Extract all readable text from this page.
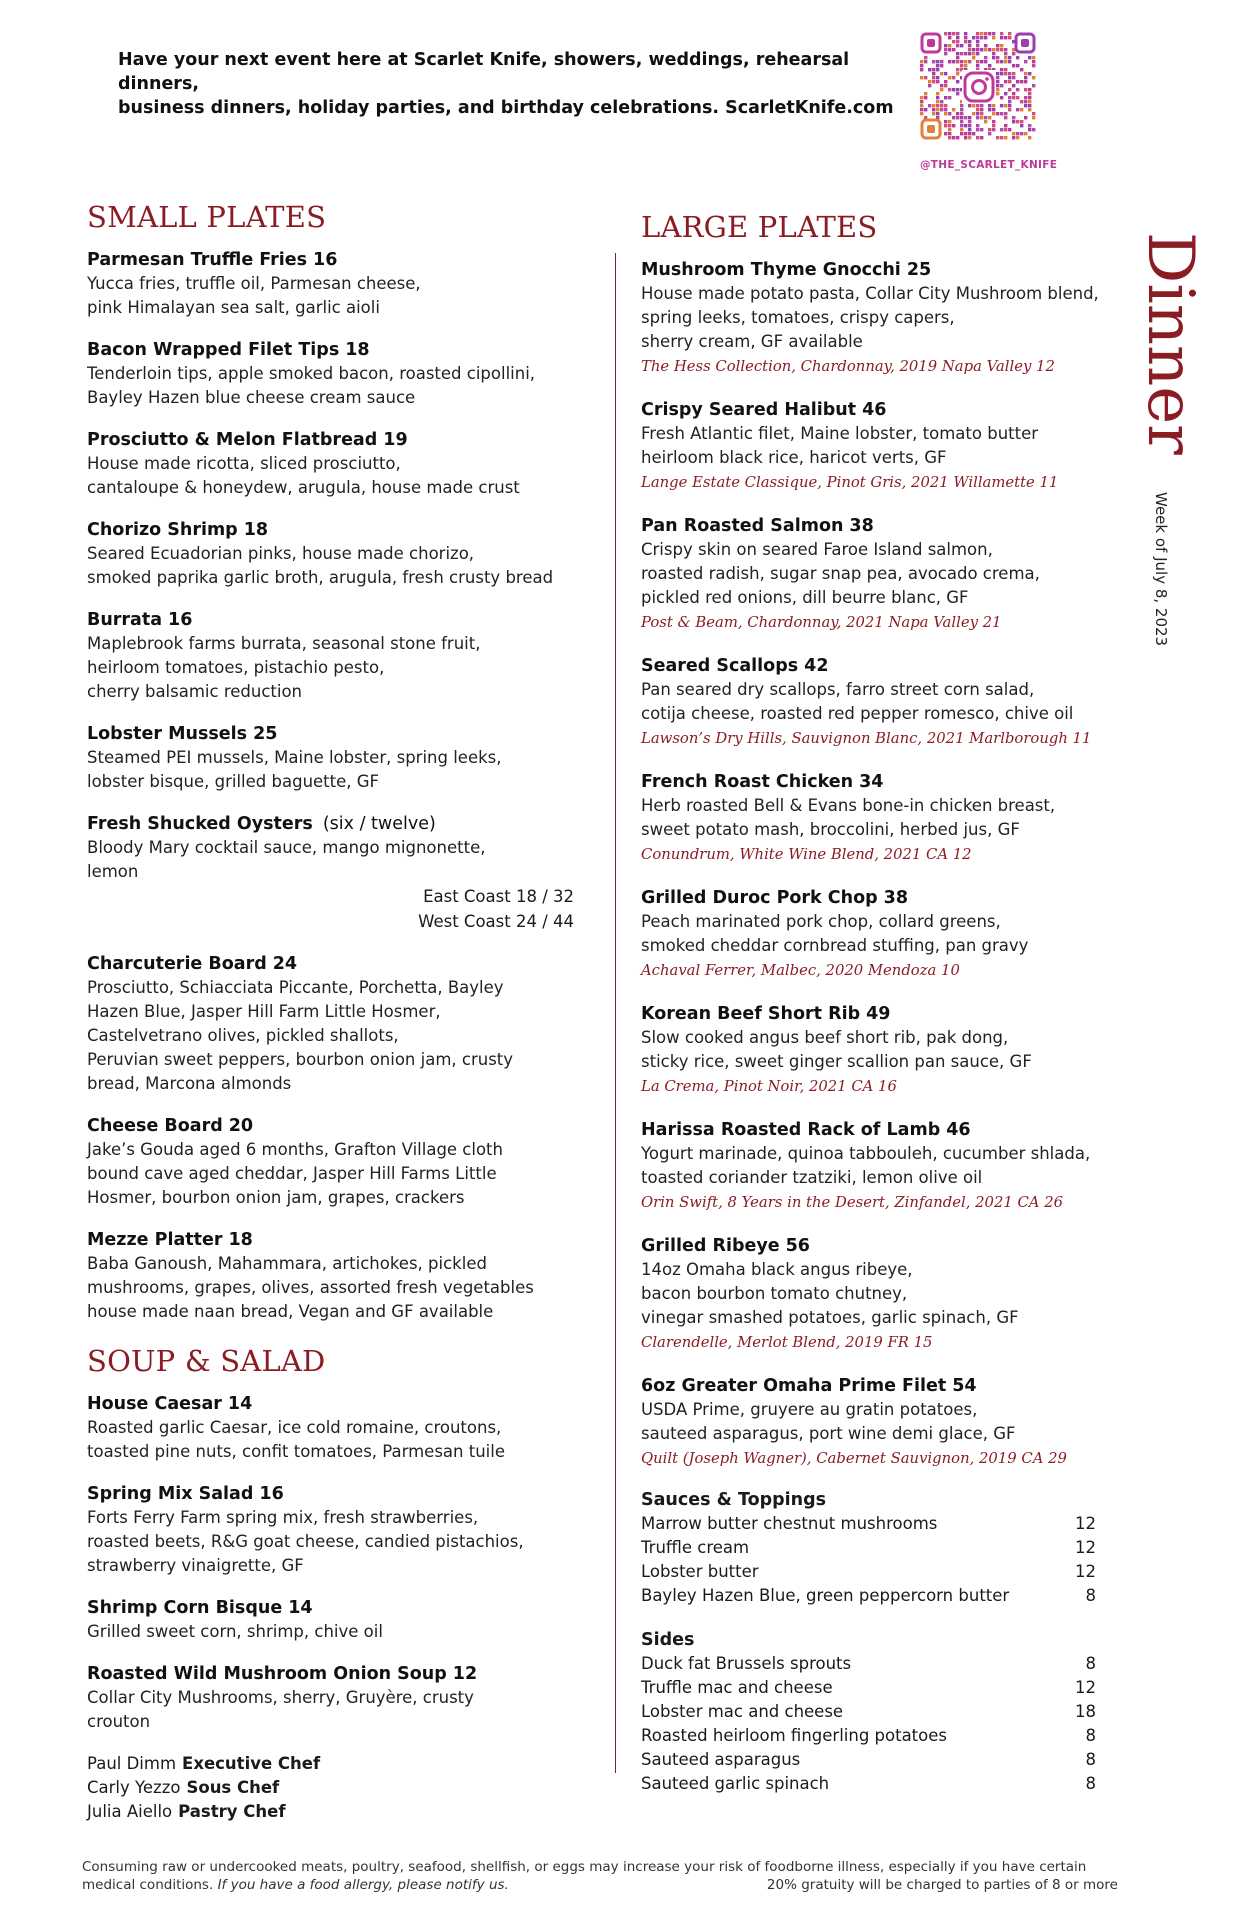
Have your next event here at Scarlet Knife, showers, weddings, rehearsal dinners,
business dinners, holiday parties, and birthday celebrations. ScarletKnife.com
@THE_SCARLET_KNIFE
Dinner
Week of July 8, 2023
SMALL PLATES
Parmesan Truffle Fries 16
Yucca fries, truffle oil, Parmesan cheese,
pink Himalayan sea salt, garlic aioli
Bacon Wrapped Filet Tips 18
Tenderloin tips, apple smoked bacon, roasted cipollini,
Bayley Hazen blue cheese cream sauce
Prosciutto & Melon Flatbread 19
House made ricotta, sliced prosciutto,
cantaloupe & honeydew, arugula, house made crust
Chorizo Shrimp 18
Seared Ecuadorian pinks, house made chorizo,
smoked paprika garlic broth, arugula, fresh crusty bread
Burrata 16
Maplebrook farms burrata, seasonal stone fruit,
heirloom tomatoes, pistachio pesto,
cherry balsamic reduction
Lobster Mussels 25
Steamed PEI mussels, Maine lobster, spring leeks,
lobster bisque, grilled baguette, GF
Fresh Shucked Oysters (six / twelve)
Bloody Mary cocktail sauce, mango mignonette,
lemon
East Coast 18 / 32
West Coast 24 / 44
Charcuterie Board 24
Prosciutto, Schiacciata Piccante, Porchetta, Bayley
Hazen Blue, Jasper Hill Farm Little Hosmer,
Castelvetrano olives, pickled shallots,
Peruvian sweet peppers, bourbon onion jam, crusty
bread, Marcona almonds
Cheese Board 20
Jake’s Gouda aged 6 months, Grafton Village cloth
bound cave aged cheddar, Jasper Hill Farms Little
Hosmer, bourbon onion jam, grapes, crackers
Mezze Platter 18
Baba Ganoush, Mahammara, artichokes, pickled
mushrooms, grapes, olives, assorted fresh vegetables
house made naan bread, Vegan and GF available
SOUP & SALAD
House Caesar 14
Roasted garlic Caesar, ice cold romaine, croutons,
toasted pine nuts, confit tomatoes, Parmesan tuile
Spring Mix Salad 16
Forts Ferry Farm spring mix, fresh strawberries,
roasted beets, R&G goat cheese, candied pistachios,
strawberry vinaigrette, GF
Shrimp Corn Bisque 14
Grilled sweet corn, shrimp, chive oil
Roasted Wild Mushroom Onion Soup 12
Collar City Mushrooms, sherry, Gruyère, crusty
crouton
Paul Dimm Executive Chef
Carly Yezzo Sous Chef
Julia Aiello Pastry Chef
LARGE PLATES
Mushroom Thyme Gnocchi 25
House made potato pasta, Collar City Mushroom blend,
spring leeks, tomatoes, crispy capers,
sherry cream, GF available
The Hess Collection, Chardonnay, 2019 Napa Valley 12
Crispy Seared Halibut 46
Fresh Atlantic filet, Maine lobster, tomato butter
heirloom black rice, haricot verts, GF
Lange Estate Classique, Pinot Gris, 2021 Willamette 11
Pan Roasted Salmon 38
Crispy skin on seared Faroe Island salmon,
roasted radish, sugar snap pea, avocado crema,
pickled red onions, dill beurre blanc, GF
Post & Beam, Chardonnay, 2021 Napa Valley 21
Seared Scallops 42
Pan seared dry scallops, farro street corn salad,
cotija cheese, roasted red pepper romesco, chive oil
Lawson’s Dry Hills, Sauvignon Blanc, 2021 Marlborough 11
French Roast Chicken 34
Herb roasted Bell & Evans bone-in chicken breast,
sweet potato mash, broccolini, herbed jus, GF
Conundrum, White Wine Blend, 2021 CA 12
Grilled Duroc Pork Chop 38
Peach marinated pork chop, collard greens,
smoked cheddar cornbread stuffing, pan gravy
Achaval Ferrer, Malbec, 2020 Mendoza 10
Korean Beef Short Rib 49
Slow cooked angus beef short rib, pak dong,
sticky rice, sweet ginger scallion pan sauce, GF
La Crema, Pinot Noir, 2021 CA 16
Harissa Roasted Rack of Lamb 46
Yogurt marinade, quinoa tabbouleh, cucumber shlada,
toasted coriander tzatziki, lemon olive oil
Orin Swift, 8 Years in the Desert, Zinfandel, 2021 CA 26
Grilled Ribeye 56
14oz Omaha black angus ribeye,
bacon bourbon tomato chutney,
vinegar smashed potatoes, garlic spinach, GF
Clarendelle, Merlot Blend, 2019 FR 15
6oz Greater Omaha Prime Filet 54
USDA Prime, gruyere au gratin potatoes,
sauteed asparagus, port wine demi glace, GF
Quilt (Joseph Wagner), Cabernet Sauvignon, 2019 CA 29
Sauces & Toppings
Marrow butter chestnut mushrooms	12
Truffle cream	12
Lobster butter	12
Bayley Hazen Blue, green peppercorn butter	8
Sides
Duck fat Brussels sprouts	8
Truffle mac and cheese	12
Lobster mac and cheese	18
Roasted heirloom fingerling potatoes	8
Sauteed asparagus	8
Sauteed garlic spinach	8
Consuming raw or undercooked meats, poultry, seafood, shellfish, or eggs may increase your risk of foodborne illness, especially if you have certain
medical conditions. If you have a food allergy, please notify us.	20% gratuity will be charged to parties of 8 or more
